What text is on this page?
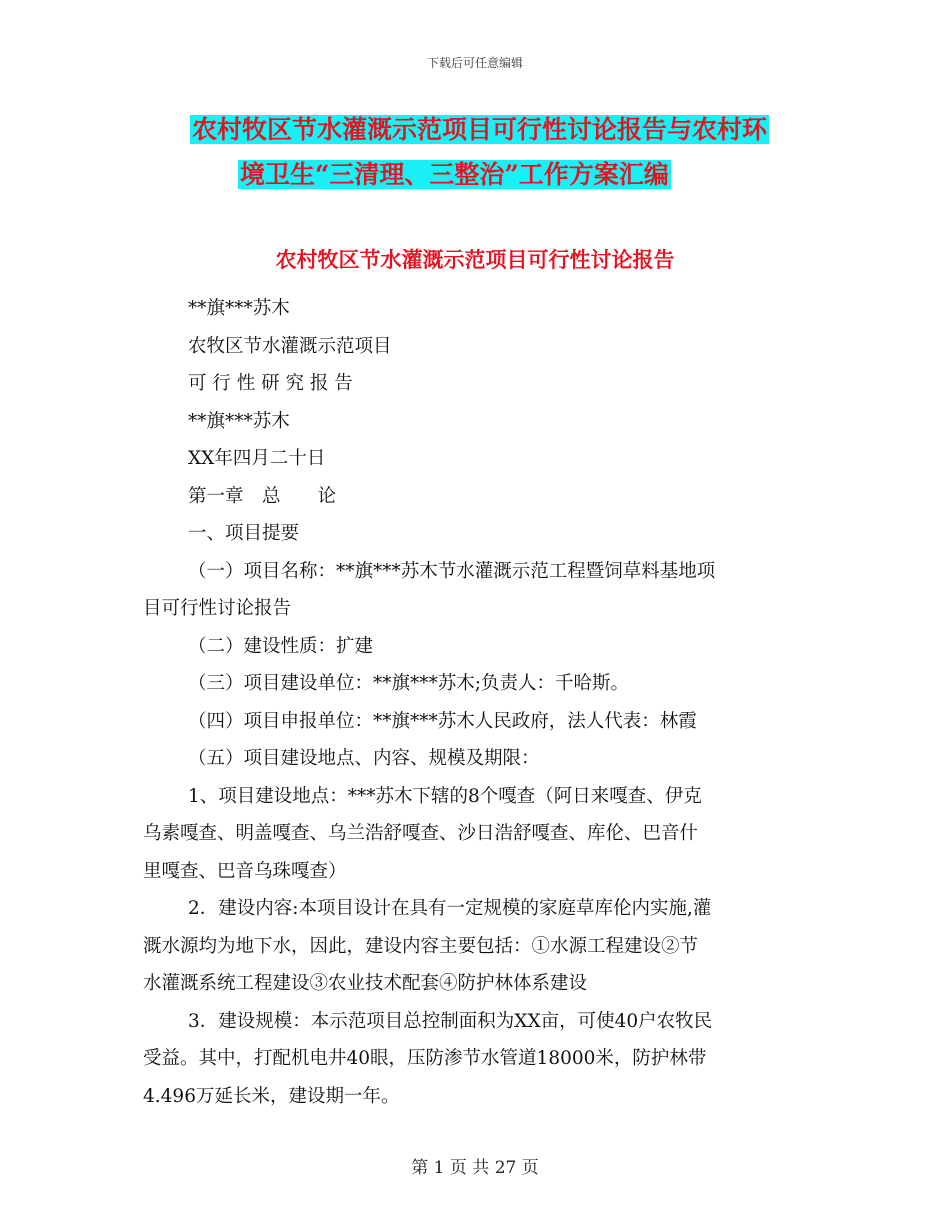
下载后可任意编辑
农村牧区节水灌溉示范项目可行性讨论报告与农村环
境卫生“三清理、三整治”工作方案汇编
农村牧区节水灌溉示范项目可行性讨论报告
**旗***苏木
农牧区节水灌溉示范项目
可 行 性 研 究 报 告
**旗***苏木
XX年四月二十日
第一章　总　　论
一、项目提要
（一）项目名称：**旗***苏木节水灌溉示范工程暨饲草料基地项
目可行性讨论报告
（二）建设性质：扩建
（三）项目建设单位：**旗***苏木;负责人：千哈斯。
（四）项目申报单位：**旗***苏木人民政府，法人代表：林霞
（五）项目建设地点、内容、规模及期限：
1、项目建设地点：***苏木下辖的8个嘎查（阿日来嘎查、伊克
乌素嘎查、明盖嘎查、乌兰浩舒嘎查、沙日浩舒嘎查、库伦、巴音什
里嘎查、巴音乌珠嘎查）
2．建设内容:本项目设计在具有一定规模的家庭草库伦内实施,灌
溉水源均为地下水，因此，建设内容主要包括：①水源工程建设②节
水灌溉系统工程建设③农业技术配套④防护林体系建设
3．建设规模：本示范项目总控制面积为XX亩，可使40户农牧民
受益。其中，打配机电井40眼，压防渗节水管道18000米，防护林带
4.496万延长米，建设期一年。
第 1 页 共 27 页
